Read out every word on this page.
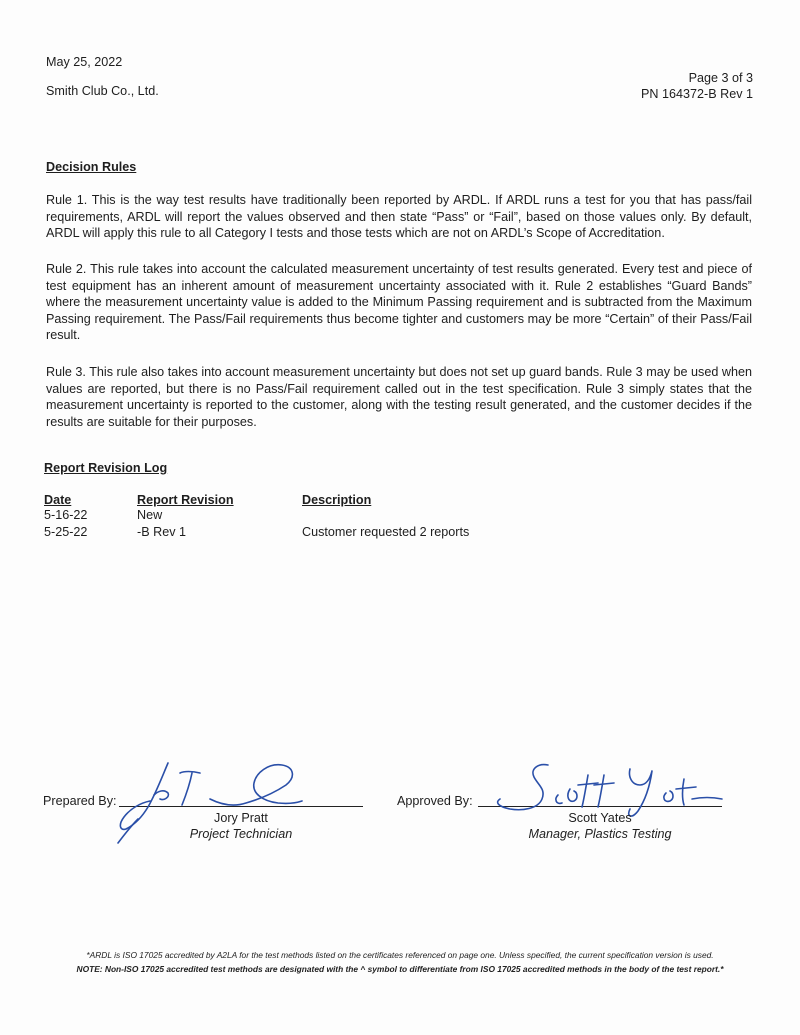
May 25, 2022
Smith Club Co., Ltd.
Page 3 of 3
PN 164372-B Rev 1
Decision Rules

Rule 1. This is the way test results have traditionally been reported by ARDL. If ARDL runs a test for you that has pass/fail requirements, ARDL will report the values observed and then state “Pass” or “Fail”, based on those values only. By default, ARDL will apply this rule to all Category I tests and those tests which are not on ARDL’s Scope of Accreditation.

Rule 2. This rule takes into account the calculated measurement uncertainty of test results generated. Every test and piece of test equipment has an inherent amount of measurement uncertainty associated with it. Rule 2 establishes “Guard Bands” where the measurement uncertainty value is added to the Minimum Passing requirement and is subtracted from the Maximum Passing requirement. The Pass/Fail requirements thus become tighter and customers may be more “Certain” of their Pass/Fail result.

Rule 3. This rule also takes into account measurement uncertainty but does not set up guard bands. Rule 3 may be used when values are reported, but there is no Pass/Fail requirement called out in the test specification. Rule 3 simply states that the measurement uncertainty is reported to the customer, along with the testing result generated, and the customer decides if the results are suitable for their purposes.

Report Revision Log
Date	Report Revision	Description
5-16-22	New
5-25-22	-B Rev 1	Customer requested 2 reports
Prepared By:
Jory Pratt
Project Technician
Approved By:
Scott Yates
Manager, Plastics Testing
*ARDL is ISO 17025 accredited by A2LA for the test methods listed on the certificates referenced on page one. Unless specified, the current specification version is used.
NOTE: Non-ISO 17025 accredited test methods are designated with the ^ symbol to differentiate from ISO 17025 accredited methods in the body of the test report.*
